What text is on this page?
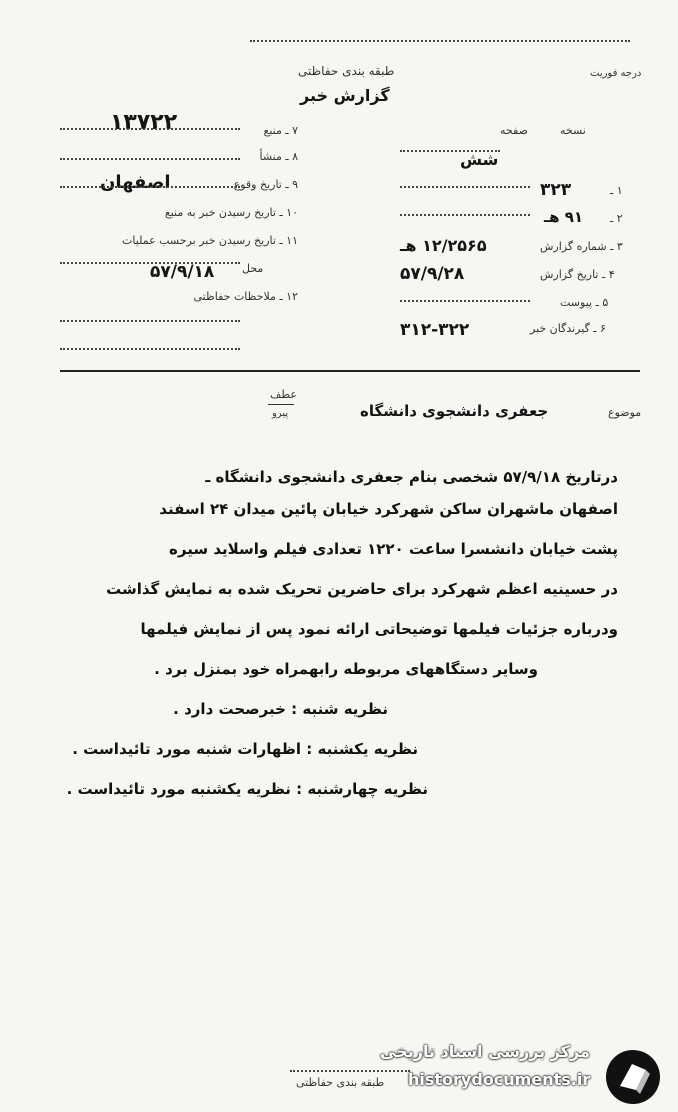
طبقه بندی حفاظتی
گزارش خبر
درجه فوریت
۷ ـ منبع
۱۳۷۲۲
۸ ـ منشأ
۹ ـ تاریخ وقوع
اصفهان
۱۰ ـ تاریخ رسیدن خبر به منبع
۱۱ ـ تاریخ رسیدن خبر برحسب عملیات
محل
۵۷/۹/۱۸
۱۲ ـ ملاحظات حفاظتی
صفحه	نسخه
شش
۱ ـ
۳۲۳
۲ ـ
۹۱ هـ
۳ ـ شماره گزارش
۱۲/۲۵۶۵ هـ
۴ ـ تاریخ گزارش
۵۷/۹/۲۸
۵ ـ پیوست
۶ ـ گیرندگان خبر
۳۱۲-۳۲۲
عطف
پیرو	موضوع
جعفری دانشجوی دانشگاه
درتاریخ ۵۷/۹/۱۸ شخصی بنام جعفری دانشجوی دانشگاه ـ
اصفهان ماشهران ساکن شهرکرد خیابان پائین میدان ۲۴ اسفند
پشت خیابان دانشسرا ساعت ۱۲۲۰ تعدادی فیلم واسلاید سیره
در حسینیه اعظم شهرکرد برای حاضرین تحریک شده به نمایش گذاشت
ودرباره جزئیات فیلمها توضیحاتی ارائه نمود پس از نمایش فیلمها
وسایر دستگاههای مربوطه رابهمراه خود بمنزل برد .
نظریه شنبه : خبرصحت دارد .
نظریه یکشنبه : اظهارات شنبه مورد تائیداست .
نظریه چهارشنبه : نظریه یکشنبه مورد تائیداست .
طبقه بندی حفاظتی
مرکز بررسی اسناد تاریخی
historydocuments.ir
